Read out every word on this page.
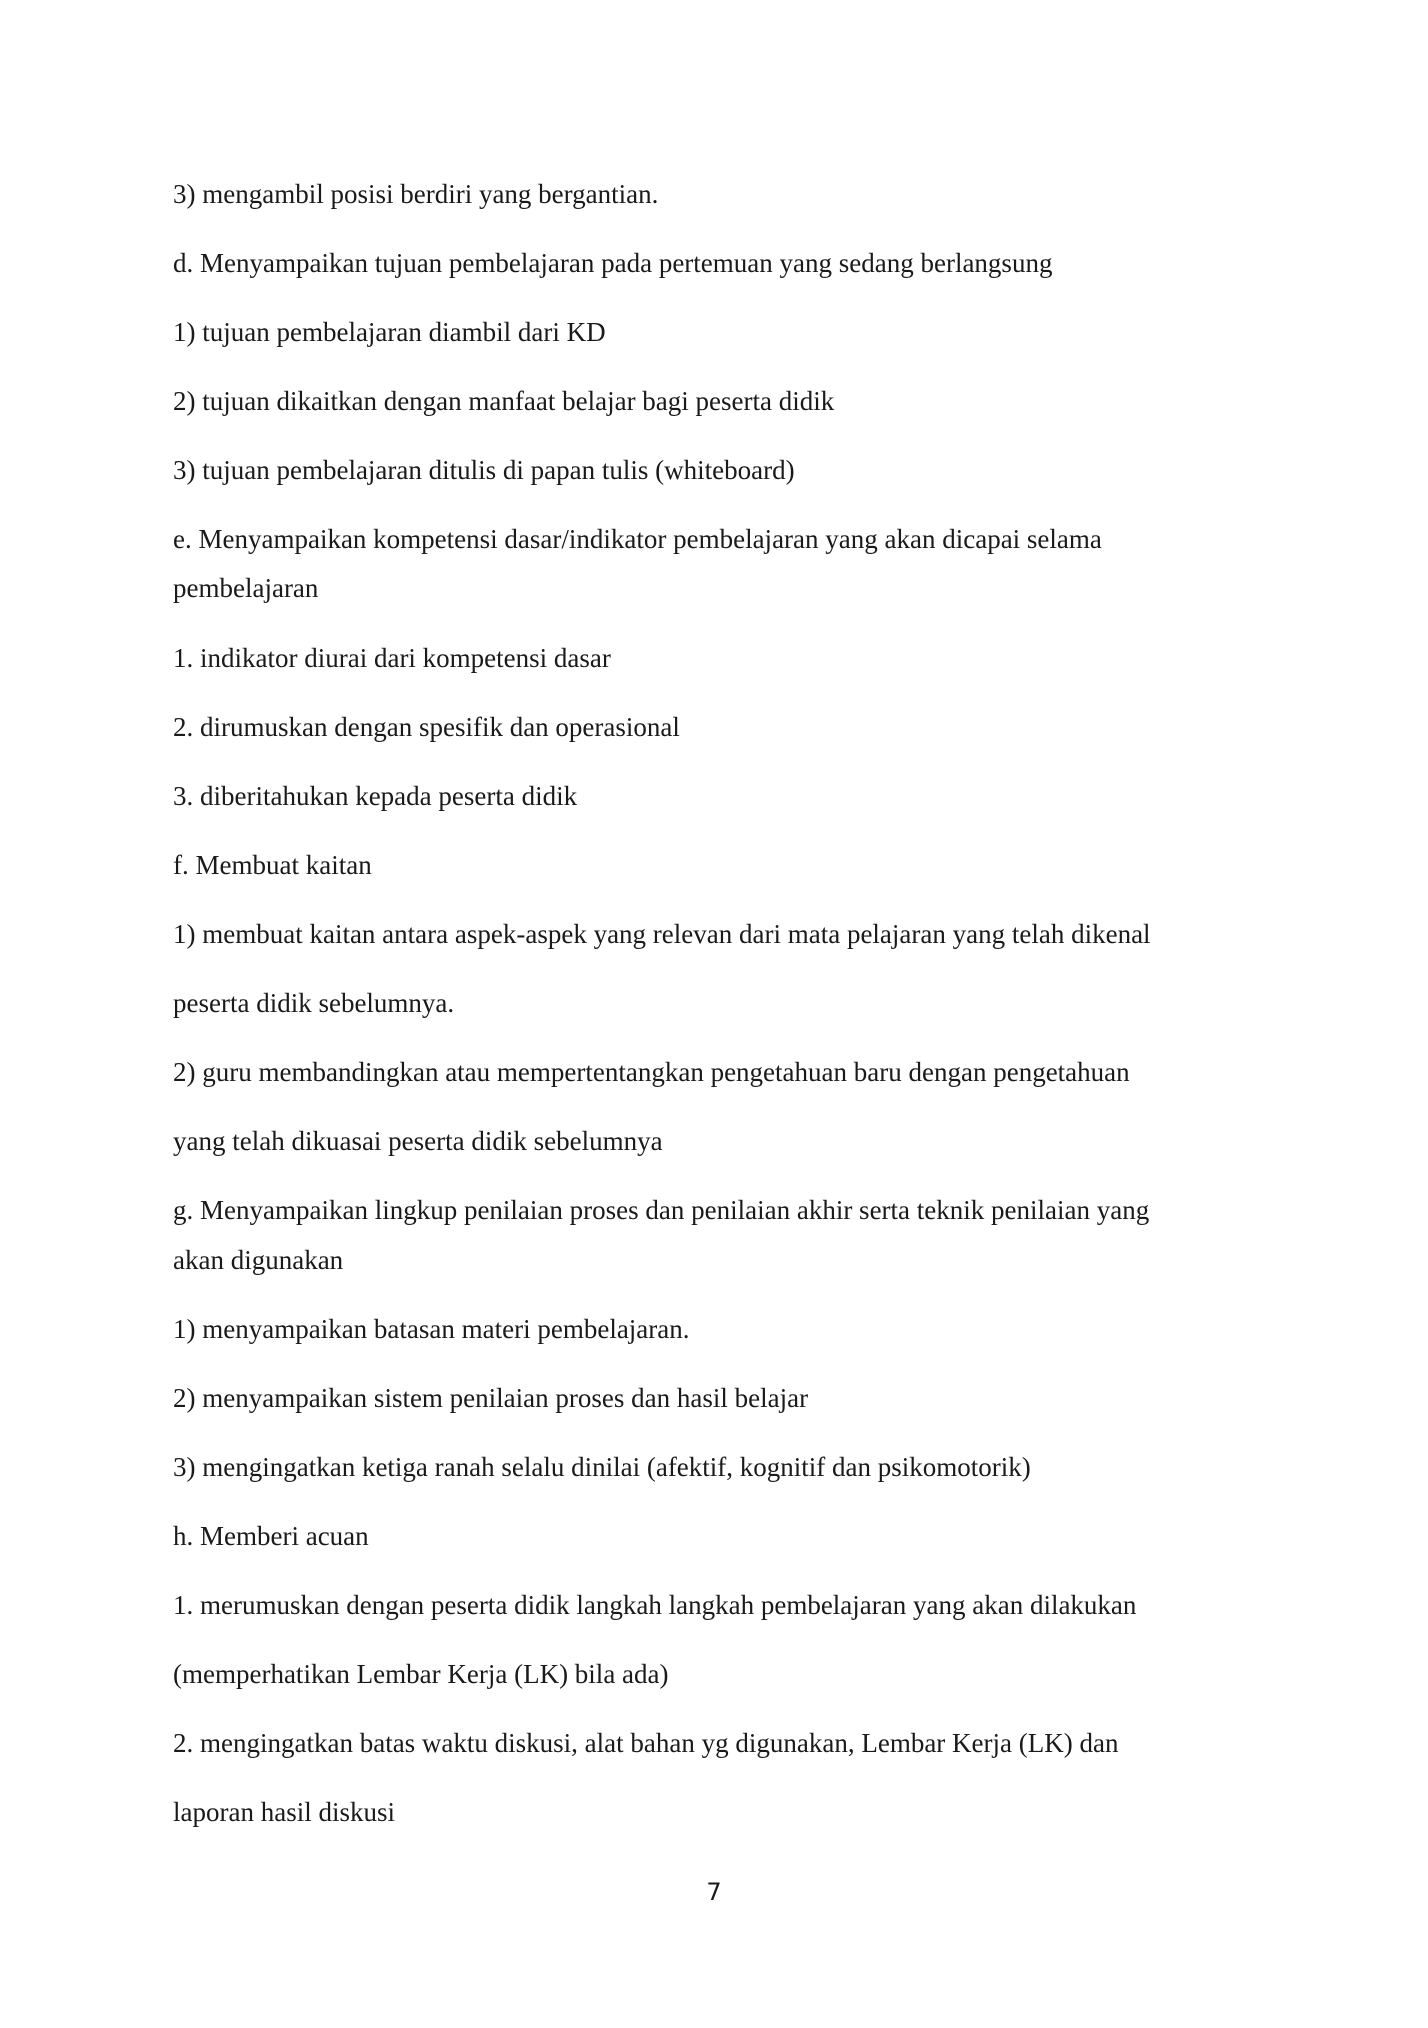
3) mengambil posisi berdiri yang bergantian.
d. Menyampaikan tujuan pembelajaran pada pertemuan yang sedang berlangsung
1) tujuan pembelajaran diambil dari KD
2) tujuan dikaitkan dengan manfaat belajar bagi peserta didik
3) tujuan pembelajaran ditulis di papan tulis (whiteboard)
e. Menyampaikan kompetensi dasar/indikator pembelajaran yang akan dicapai selama
pembelajaran
1. indikator diurai dari kompetensi dasar
2. dirumuskan dengan spesifik dan operasional
3. diberitahukan kepada peserta didik
f. Membuat kaitan
1) membuat kaitan antara aspek-aspek yang relevan dari mata pelajaran yang telah dikenal
peserta didik sebelumnya.
2) guru membandingkan atau mempertentangkan pengetahuan baru dengan pengetahuan
yang telah dikuasai peserta didik sebelumnya
g. Menyampaikan lingkup penilaian proses dan penilaian akhir serta teknik penilaian yang
akan digunakan
1) menyampaikan batasan materi pembelajaran.
2) menyampaikan sistem penilaian proses dan hasil belajar
3) mengingatkan ketiga ranah selalu dinilai (afektif, kognitif dan psikomotorik)
h. Memberi acuan
1. merumuskan dengan peserta didik langkah langkah pembelajaran yang akan dilakukan
(memperhatikan Lembar Kerja (LK) bila ada)
2. mengingatkan batas waktu diskusi, alat bahan yg digunakan, Lembar Kerja (LK) dan
laporan hasil diskusi
7
